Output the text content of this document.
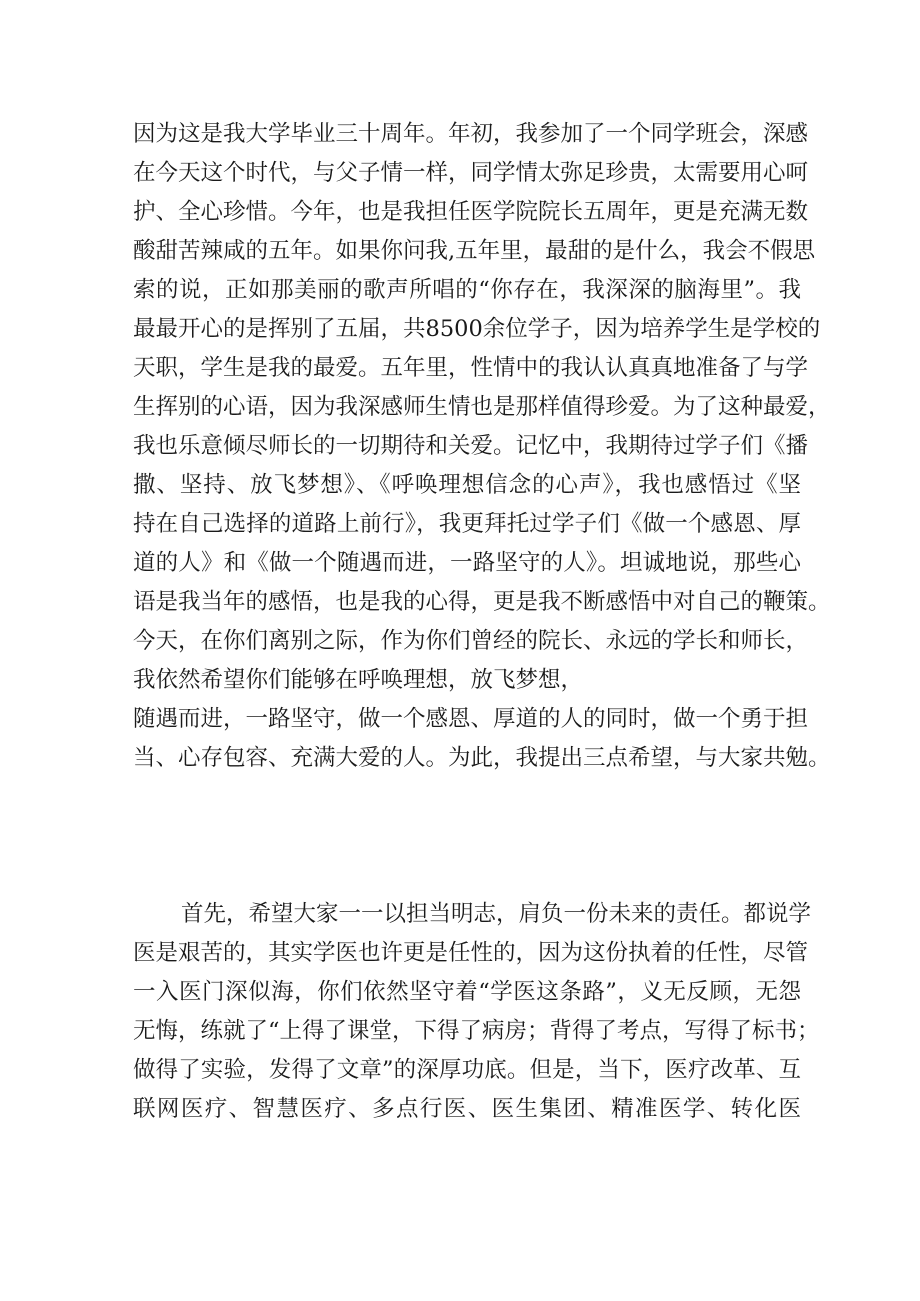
因为这是我大学毕业三十周年。年初，我参加了一个同学班会，深感
在今天这个时代，与父子情一样，同学情太弥足珍贵，太需要用心呵
护、全心珍惜。今年，也是我担任医学院院长五周年，更是充满无数
酸甜苦辣咸的五年。如果你问我,五年里，最甜的是什么，我会不假思
索的说，正如那美丽的歌声所唱的“你存在，我深深的脑海里”。我
最最开心的是挥别了五届，共8500余位学子，因为培养学生是学校的
天职，学生是我的最爱。五年里，性情中的我认认真真地准备了与学
生挥别的心语，因为我深感师生情也是那样值得珍爱。为了这种最爱，
我也乐意倾尽师长的一切期待和关爱。记忆中，我期待过学子们《播
撒、坚持、放飞梦想》、《呼唤理想信念的心声》，我也感悟过《坚
持在自己选择的道路上前行》，我更拜托过学子们《做一个感恩、厚
道的人》和《做一个随遇而进，一路坚守的人》。坦诚地说，那些心
语是我当年的感悟，也是我的心得，更是我不断感悟中对自己的鞭策。
今天，在你们离别之际，作为你们曾经的院长、永远的学长和师长，
我依然希望你们能够在呼唤理想，放飞梦想，
随遇而进，一路坚守，做一个感恩、厚道的人的同时，做一个勇于担
当、心存包容、充满大爱的人。为此，我提出三点希望，与大家共勉。
首先，希望大家一一以担当明志，肩负一份未来的责任。都说学
医是艰苦的，其实学医也许更是任性的，因为这份执着的任性，尽管
一入医门深似海，你们依然坚守着“学医这条路”，义无反顾，无怨
无悔，练就了“上得了课堂，下得了病房；背得了考点，写得了标书；
做得了实验，发得了文章”的深厚功底。但是，当下，医疗改革、互
联网医疗、智慧医疗、多点行医、医生集团、精准医学、转化医
